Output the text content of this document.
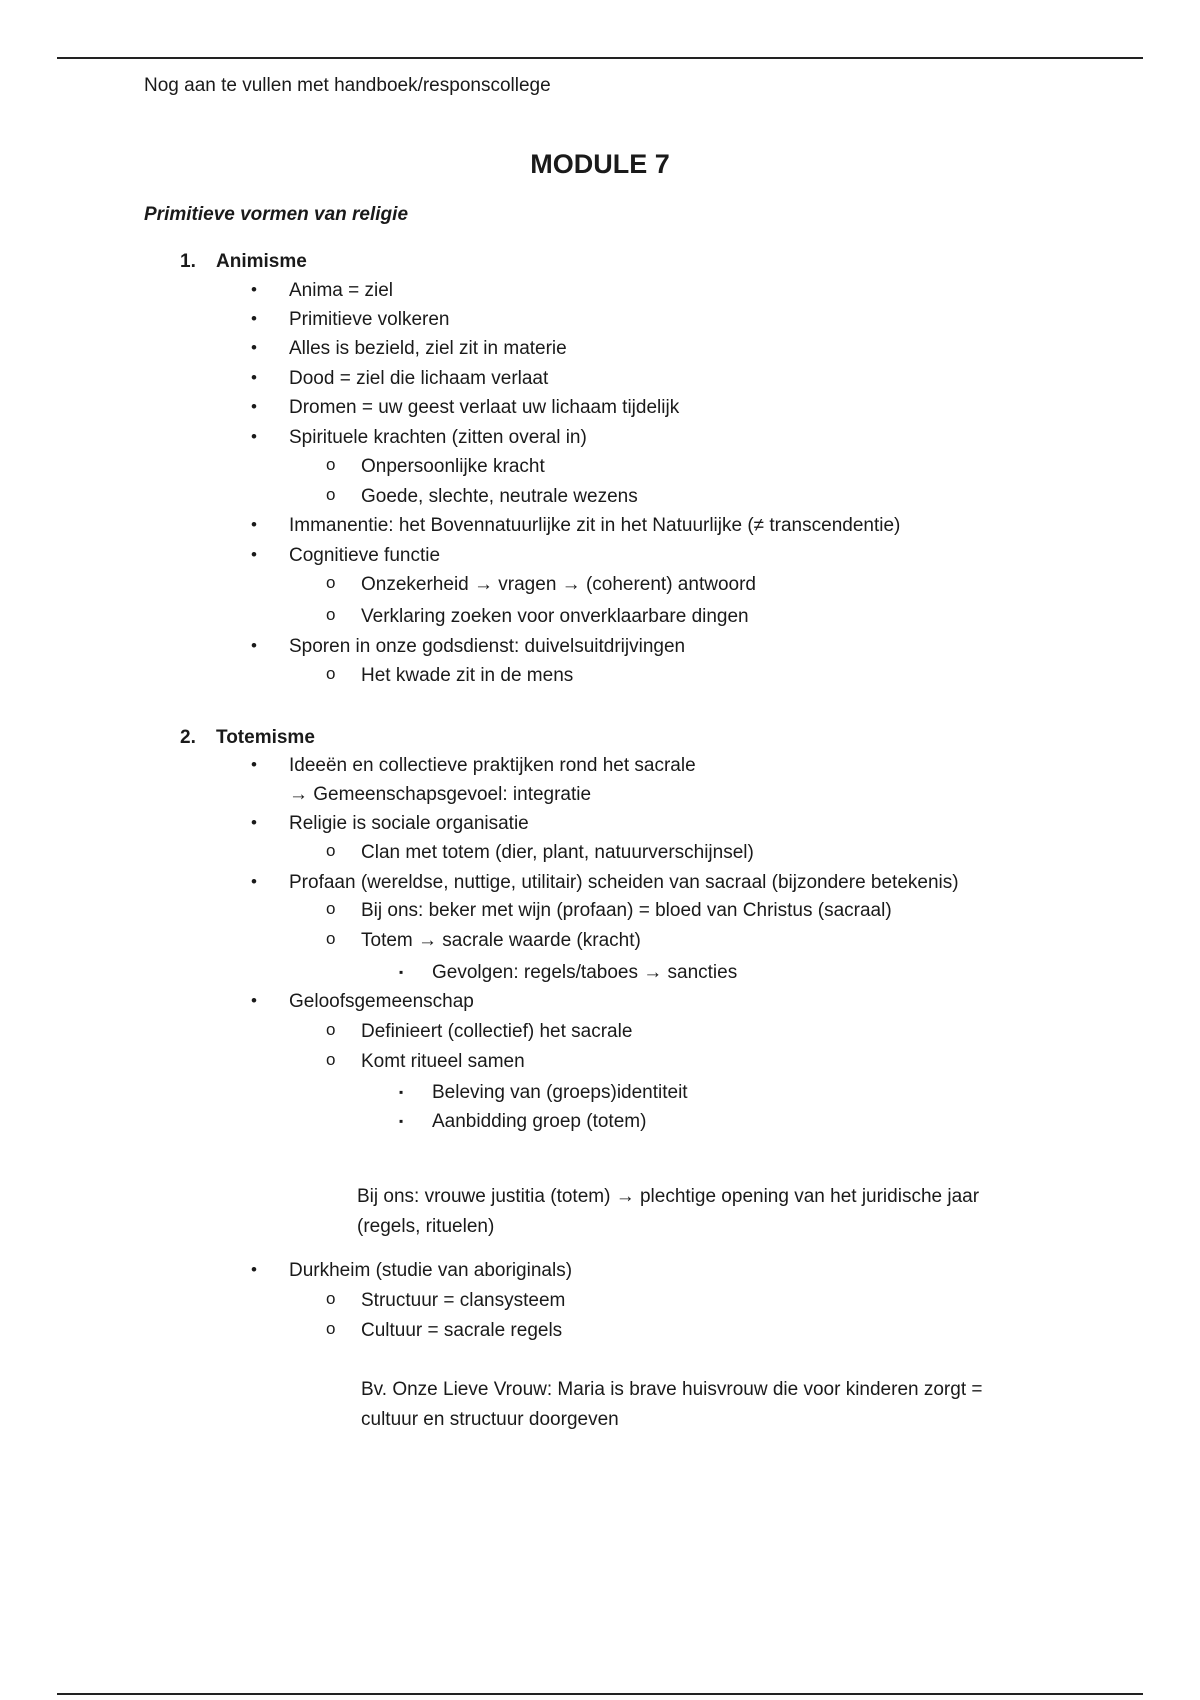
Nog aan te vullen met handboek/responscollege
MODULE 7
Primitieve vormen van religie
1. Animisme
• Anima = ziel
• Primitieve volkeren
• Alles is bezield, ziel zit in materie
• Dood = ziel die lichaam verlaat
• Dromen = uw geest verlaat uw lichaam tijdelijk
• Spirituele krachten (zitten overal in)
o Onpersoonlijke kracht
o Goede, slechte, neutrale wezens
• Immanentie: het Bovennatuurlijke zit in het Natuurlijke (≠ transcendentie)
• Cognitieve functie
o Onzekerheid → vragen → (coherent) antwoord
o Verklaring zoeken voor onverklaarbare dingen
• Sporen in onze godsdienst: duivelsuitdrijvingen
o Het kwade zit in de mens
2. Totemisme
• Ideeën en collectieve praktijken rond het sacrale
→ Gemeenschapsgevoel: integratie
• Religie is sociale organisatie
o Clan met totem (dier, plant, natuurverschijnsel)
• Profaan (wereldse, nuttige, utilitair) scheiden van sacraal (bijzondere betekenis)
o Bij ons: beker met wijn (profaan) = bloed van Christus (sacraal)
o Totem → sacrale waarde (kracht)
▪ Gevolgen: regels/taboes → sancties
• Geloofsgemeenschap
o Definieert (collectief) het sacrale
o Komt ritueel samen
▪ Beleving van (groeps)identiteit
▪ Aanbidding groep (totem)
Bij ons: vrouwe justitia (totem) → plechtige opening van het juridische jaar
(regels, rituelen)
• Durkheim (studie van aboriginals)
o Structuur = clansysteem
o Cultuur = sacrale regels
Bv. Onze Lieve Vrouw: Maria is brave huisvrouw die voor kinderen zorgt =
cultuur en structuur doorgeven
